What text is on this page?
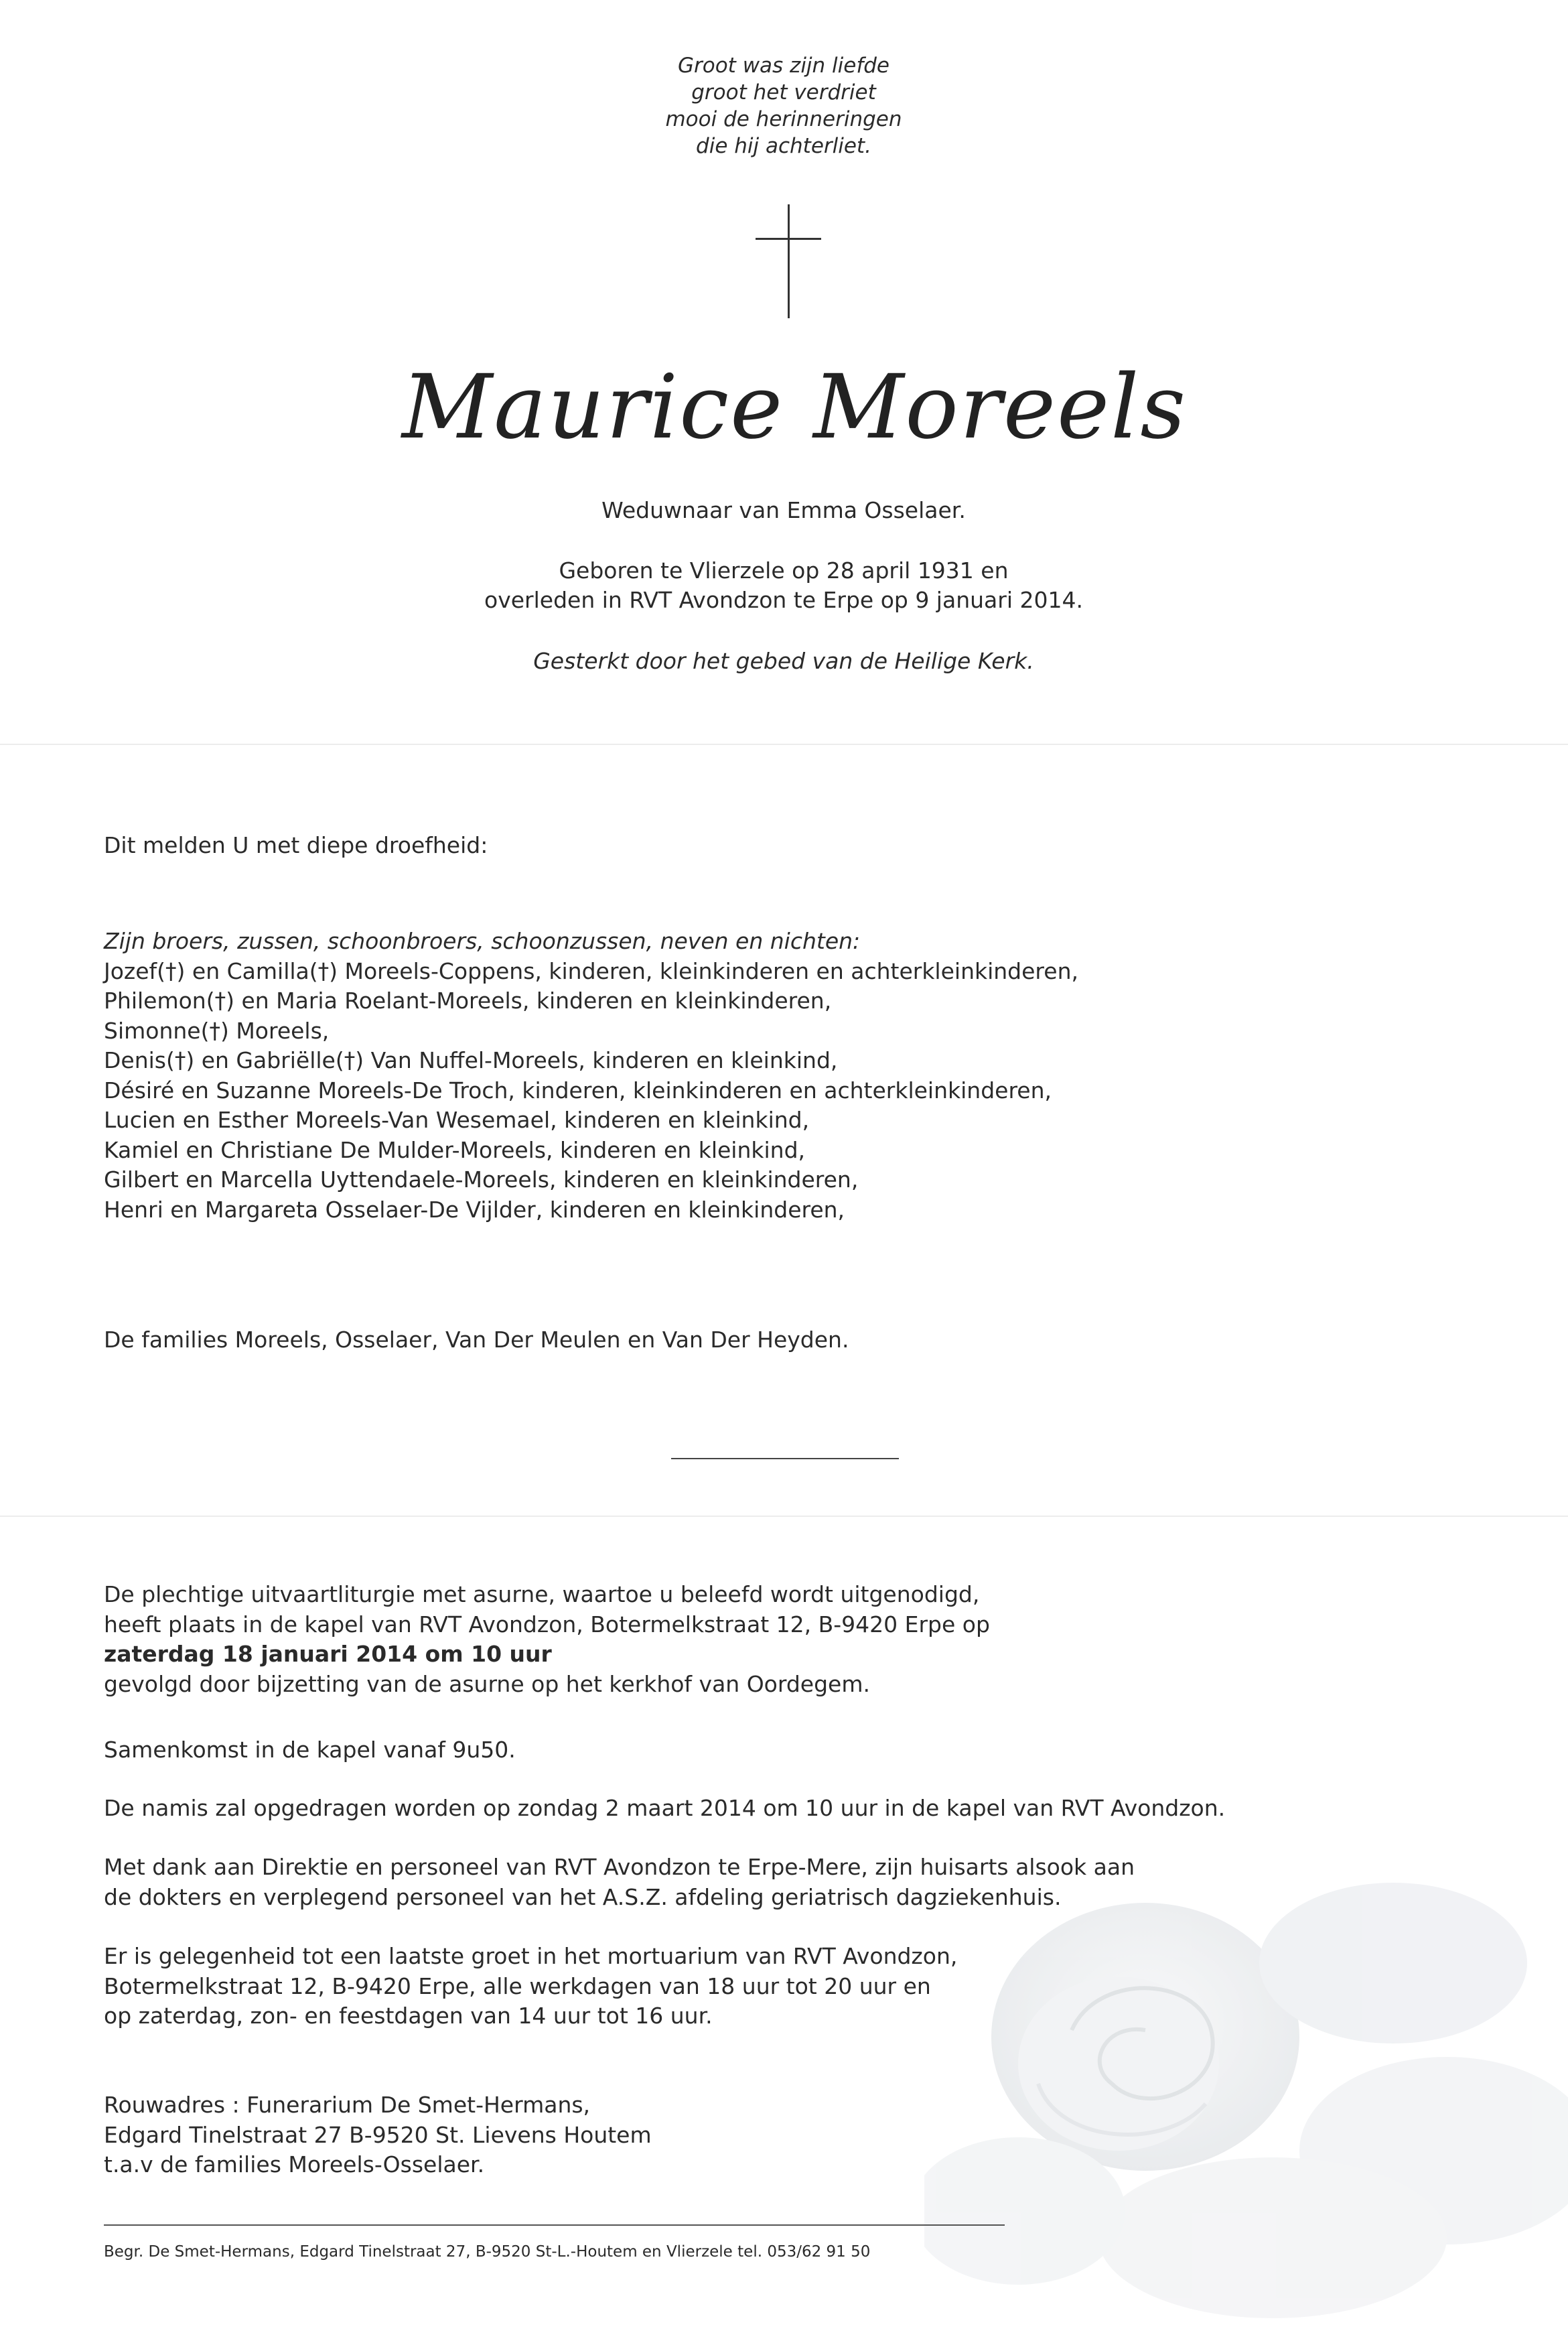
Groot was zijn liefde
groot het verdriet
mooi de herinneringen
die hij achterliet.
Maurice Moreels
Weduwnaar van Emma Osselaer.
Geboren te Vlierzele op 28 april 1931 en
overleden in RVT Avondzon te Erpe op 9 januari 2014.
Gesterkt door het gebed van de Heilige Kerk.
Dit melden U met diepe droefheid:
Zijn broers, zussen, schoonbroers, schoonzussen, neven en nichten:
Jozef(†) en Camilla(†) Moreels-Coppens, kinderen, kleinkinderen en achterkleinkinderen,
Philemon(†) en Maria Roelant-Moreels, kinderen en kleinkinderen,
Simonne(†) Moreels,
Denis(†) en Gabriëlle(†) Van Nuffel-Moreels, kinderen en kleinkind,
Désiré en Suzanne Moreels-De Troch, kinderen, kleinkinderen en achterkleinkinderen,
Lucien en Esther Moreels-Van Wesemael, kinderen en kleinkind,
Kamiel en Christiane De Mulder-Moreels, kinderen en kleinkind,
Gilbert en Marcella Uyttendaele-Moreels, kinderen en kleinkinderen,
Henri en Margareta Osselaer-De Vijlder, kinderen en kleinkinderen,
De families Moreels, Osselaer, Van Der Meulen en Van Der Heyden.
De plechtige uitvaartliturgie met asurne, waartoe u beleefd wordt uitgenodigd,
heeft plaats in de kapel van RVT Avondzon, Botermelkstraat 12, B-9420 Erpe op
zaterdag 18 januari 2014 om 10 uur
gevolgd door bijzetting van de asurne op het kerkhof van Oordegem.
Samenkomst in de kapel vanaf 9u50.
De namis zal opgedragen worden op zondag 2 maart 2014 om 10 uur in de kapel van RVT Avondzon.
Met dank aan Direktie en personeel van RVT Avondzon te Erpe-Mere, zijn huisarts alsook aan
de dokters en verplegend personeel van het A.S.Z. afdeling geriatrisch dagziekenhuis.
Er is gelegenheid tot een laatste groet in het mortuarium van RVT Avondzon,
Botermelkstraat 12, B-9420 Erpe, alle werkdagen van 18 uur tot 20 uur en
op zaterdag, zon- en feestdagen van 14 uur tot 16 uur.
Rouwadres : Funerarium De Smet-Hermans,
Edgard Tinelstraat 27 B-9520 St. Lievens Houtem
t.a.v de families Moreels-Osselaer.
Begr. De Smet-Hermans, Edgard Tinelstraat 27, B-9520 St-L.-Houtem en Vlierzele tel. 053/62 91 50
